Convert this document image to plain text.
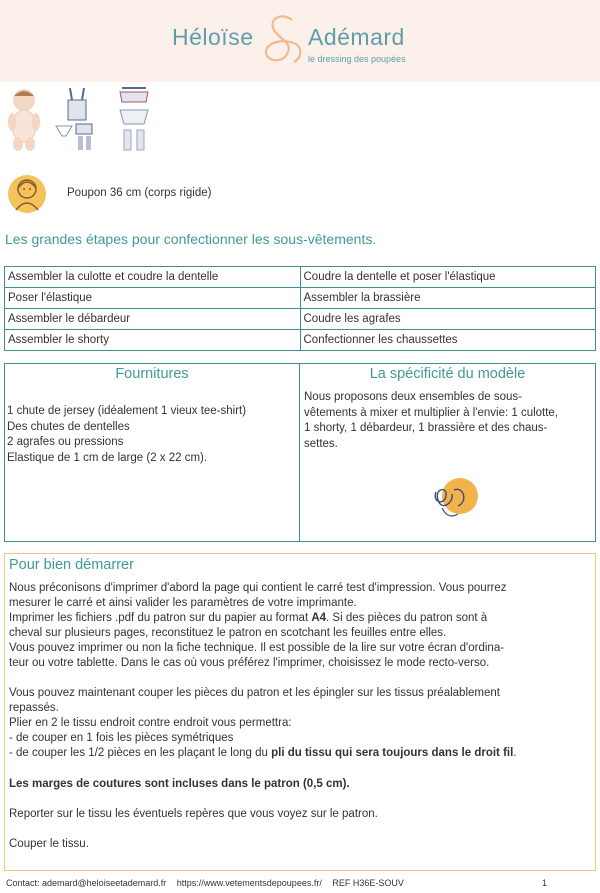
Héloïse Adémard
le dressing des poupées
Poupon 36 cm (corps rigide)
Les grandes étapes pour confectionner les sous-vêtements.
Assembler la culotte et coudre la dentelle	Coudre la dentelle et poser l'élastique
Poser l'élastique	Assembler la brassière
Assembler le débardeur	Coudre les agrafes
Assembler le shorty	Confectionner les chaussettes
Fournitures
1 chute de jersey (idéalement 1 vieux tee-shirt)
Des chutes de dentelles
2 agrafes ou pressions
Elastique de 1 cm de large (2 x 22 cm).
La spécificité du modèle
Nous proposons deux ensembles de sous-
vêtements à mixer et multiplier à l'envie: 1 culotte,
1 shorty, 1 débardeur, 1 brassière et des chaus-
settes.
Pour bien démarrer
Nous préconisons d'imprimer d'abord la page qui contient le carré test d'impression. Vous pourrez
mesurer le carré et ainsi valider les paramètres de votre imprimante.
Imprimer les fichiers .pdf du patron sur du papier au format A4. Si des pièces du patron sont à
cheval sur plusieurs pages, reconstituez le patron en scotchant les feuilles entre elles.
Vous pouvez imprimer ou non la fiche technique. Il est possible de la lire sur votre écran d'ordina-
teur ou votre tablette. Dans le cas où vous préférez l'imprimer, choisissez le mode recto-verso.
Vous pouvez maintenant couper les pièces du patron et les épingler sur les tissus préalablement
repassés.
Plier en 2 le tissu endroit contre endroit vous permettra:
- de couper en 1 fois les pièces symétriques
- de couper les 1/2 pièces en les plaçant le long du pli du tissu qui sera toujours dans le droit fil.
Les marges de coutures sont incluses dans le patron (0,5 cm).
Reporter sur le tissu les éventuels repères que vous voyez sur le patron.
Couper le tissu.
Contact: ademard@heloiseetademard.fr https://www.vetementsdepoupees.fr/ REF H36E-SOUV	1
